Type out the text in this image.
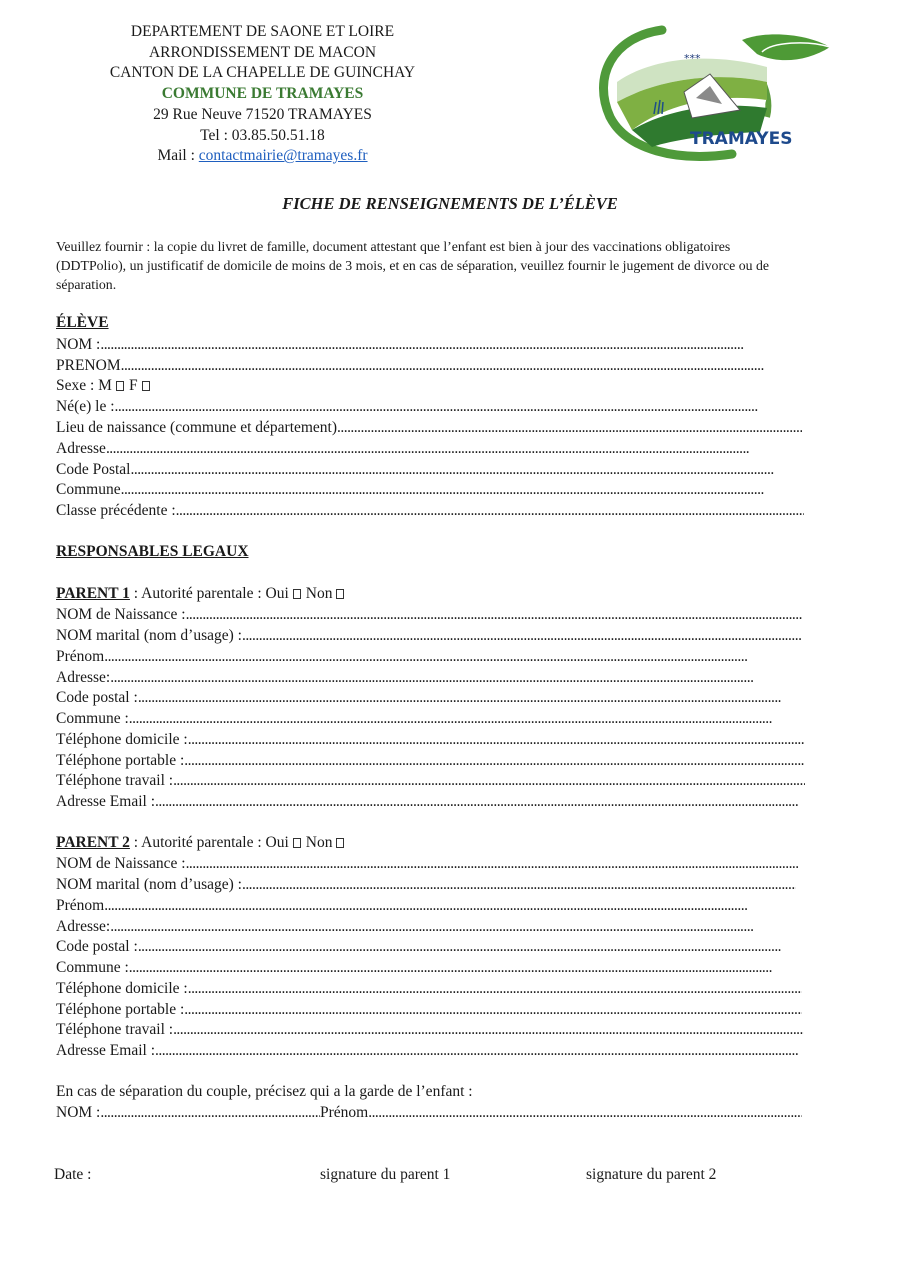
DEPARTEMENT DE SAONE ET LOIRE
ARRONDISSEMENT DE MACON
CANTON DE LA CHAPELLE DE GUINCHAY
COMMUNE DE TRAMAYES
29 Rue Neuve 71520 TRAMAYES
Tel : 03.85.50.51.18
Mail : contactmairie@tramayes.fr
***
TRAMAYES
FICHE DE RENSEIGNEMENTS DE L’ÉLÈVE
Veuillez fournir : la copie du livret de famille, document attestant que l’enfant est bien à jour des vaccinations obligatoires (DDTPolio), un justificatif de domicile de moins de 3 mois, et en cas de séparation, veuillez fournir le jugement de divorce ou de séparation.
ÉLÈVE
NOM :
. . .
PRENOM
. . .
Sexe : M F
Né(e) le :
. . .
Lieu de naissance (commune et département)
. . .
Adresse
. . .
Code Postal
. . .
Commune
. . .
Classe précédente :
. . .
RESPONSABLES LEGAUX
PARENT 1 : Autorité parentale : Oui Non
NOM de Naissance :
. . .
NOM marital (nom d’usage) :
. . .
Prénom
. . .
Adresse:
. . .
Code postal :
. . .
Commune :
. . .
Téléphone domicile :
. . .
Téléphone portable :
. . .
Téléphone travail :
. . .
Adresse Email :
. . .
PARENT 2 : Autorité parentale : Oui Non
NOM de Naissance :
. . .
NOM marital (nom d’usage) :
. . .
Prénom
. . .
Adresse:
. . .
Code postal :
. . .
Commune :
. . .
Téléphone domicile :
. . .
Téléphone portable :
. . .
Téléphone travail :
. . .
Adresse Email :
. . .
En cas de séparation du couple, précisez qui a la garde de l’enfant :
NOM : . . .	Prénom
. . .
Date :	signature du parent 1	signature du parent 2
